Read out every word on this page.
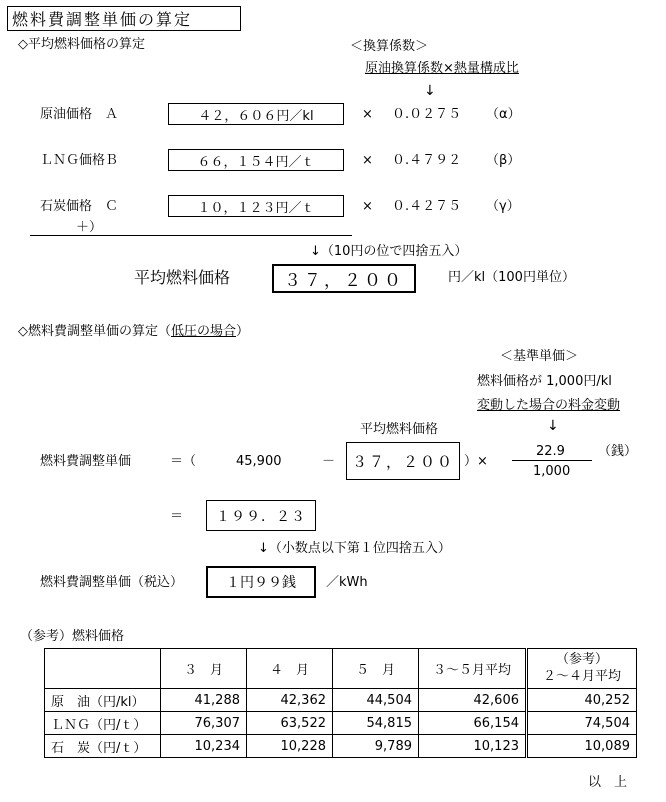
燃料費調整単価の算定
◇平均燃料価格の算定	＜換算係数＞
原油換算係数×熱量構成比
↓
原油価格　Ａ	４２，６０６円／kl	× ０.０２７５ （α）
ＬＮＧ価格Ｂ	６６，１５４円／ｔ	× ０.４７９２ （β）
石炭価格　Ｃ	１０，１２３円／ｔ	× ０.４２７５ （γ）
＋）
↓（10円の位で四捨五入）
平均燃料価格	３７，２００	円／kl（100円単位）
◇燃料費調整単価の算定（低圧の場合）
＜基準単価＞
燃料価格が 1,000円/kl
変動した場合の料金変動
↓
平均燃料価格
燃料費調整単価	＝（	45,900	－ ３７，２００ ）×
22.9
1,000
（銭）
＝ １９９．２３
↓（小数点以下第１位四捨五入）
燃料費調整単価（税込）	１円９９銭 ／kWh
（参考）燃料価格
	３　月	４　月	５　月	３～５月平均	（参考）
２～４月平均
原　油（円/kl）	41,288	42,362	44,504	42,606	40,252
ＬＮＧ（円/ｔ）	76,307	63,522	54,815	66,154	74,504
石　炭（円/ｔ）	10,234	10,228	9,789	10,123	10,089
以　上
